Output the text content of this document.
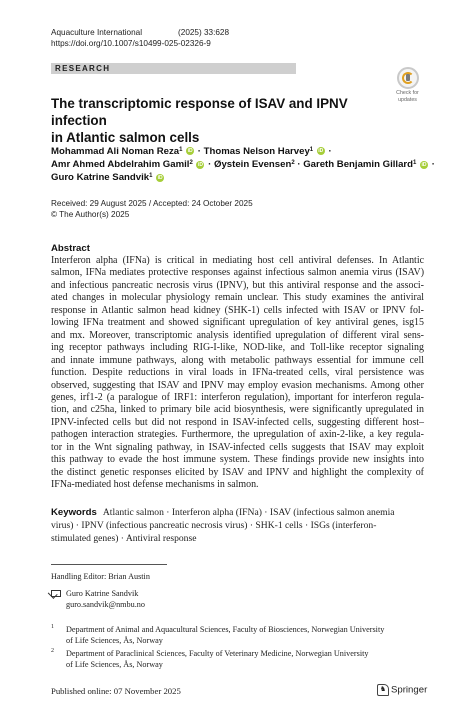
Aquaculture International	(2025) 33:628
https://doi.org/10.1007/s10499-025-02326-9
RESEARCH
Check for
updates
The transcriptomic response of ISAV and IPNV infection
in Atlantic salmon cells
Mohammad Ali Noman Reza$^1$ iD · Thomas Nelson Harvey$^1$ iD ·
Amr Ahmed Abdelrahim Gamil$^2$ iD · Øystein Evensen$^2$ · Gareth Benjamin Gillard$^1$ iD ·
Guro Katrine Sandvik$^1$ iD
Received: 29 August 2025 / Accepted: 24 October 2025
© The Author(s) 2025
Abstract
Interferon alpha (IFNa) is critical in mediating host cell antiviral defenses. In Atlantic
salmon, IFNa mediates protective responses against infectious salmon anemia virus (ISAV)
and infectious pancreatic necrosis virus (IPNV), but this antiviral response and the associ-
ated changes in molecular physiology remain unclear. This study examines the antiviral
response in Atlantic salmon head kidney (SHK-1) cells infected with ISAV or IPNV fol-
lowing IFNa treatment and showed significant upregulation of key antiviral genes, isg15
and mx. Moreover, transcriptomic analysis identified upregulation of different viral sens-
ing receptor pathways including RIG-I-like, NOD-like, and Toll-like receptor signaling
and innate immune pathways, along with metabolic pathways essential for immune cell
function. Despite reductions in viral loads in IFNa-treated cells, viral persistence was
observed, suggesting that ISAV and IPNV may employ evasion mechanisms. Among other
genes, irf1-2 (a paralogue of IRF1: interferon regulation), important for interferon regula-
tion, and c25ha, linked to primary bile acid biosynthesis, were significantly upregulated in
IPNV-infected cells but did not respond in ISAV-infected cells, suggesting different host–
pathogen interaction strategies. Furthermore, the upregulation of axin-2-like, a key regula-
tor in the Wnt signaling pathway, in ISAV-infected cells suggests that ISAV may exploit
this pathway to evade the host immune system. These findings provide new insights into
the distinct genetic responses elicited by ISAV and IPNV and highlight the complexity of
IFNa-mediated host defense mechanisms in salmon.
Keywords Atlantic salmon · Interferon alpha (IFNa) · ISAV (infectious salmon anemia
virus) · IPNV (infectious pancreatic necrosis virus) · SHK-1 cells · ISGs (interferon-
stimulated genes) · Antiviral response
Handling Editor: Brian Austin
Guro Katrine Sandvik
guro.sandvik@nmbu.no
1 Department of Animal and Aquacultural Sciences, Faculty of Biosciences, Norwegian University
of Life Sciences, Ås, Norway
2 Department of Paraclinical Sciences, Faculty of Veterinary Medicine, Norwegian University
of Life Sciences, Ås, Norway
Published online: 07 November 2025	♞ Springer
